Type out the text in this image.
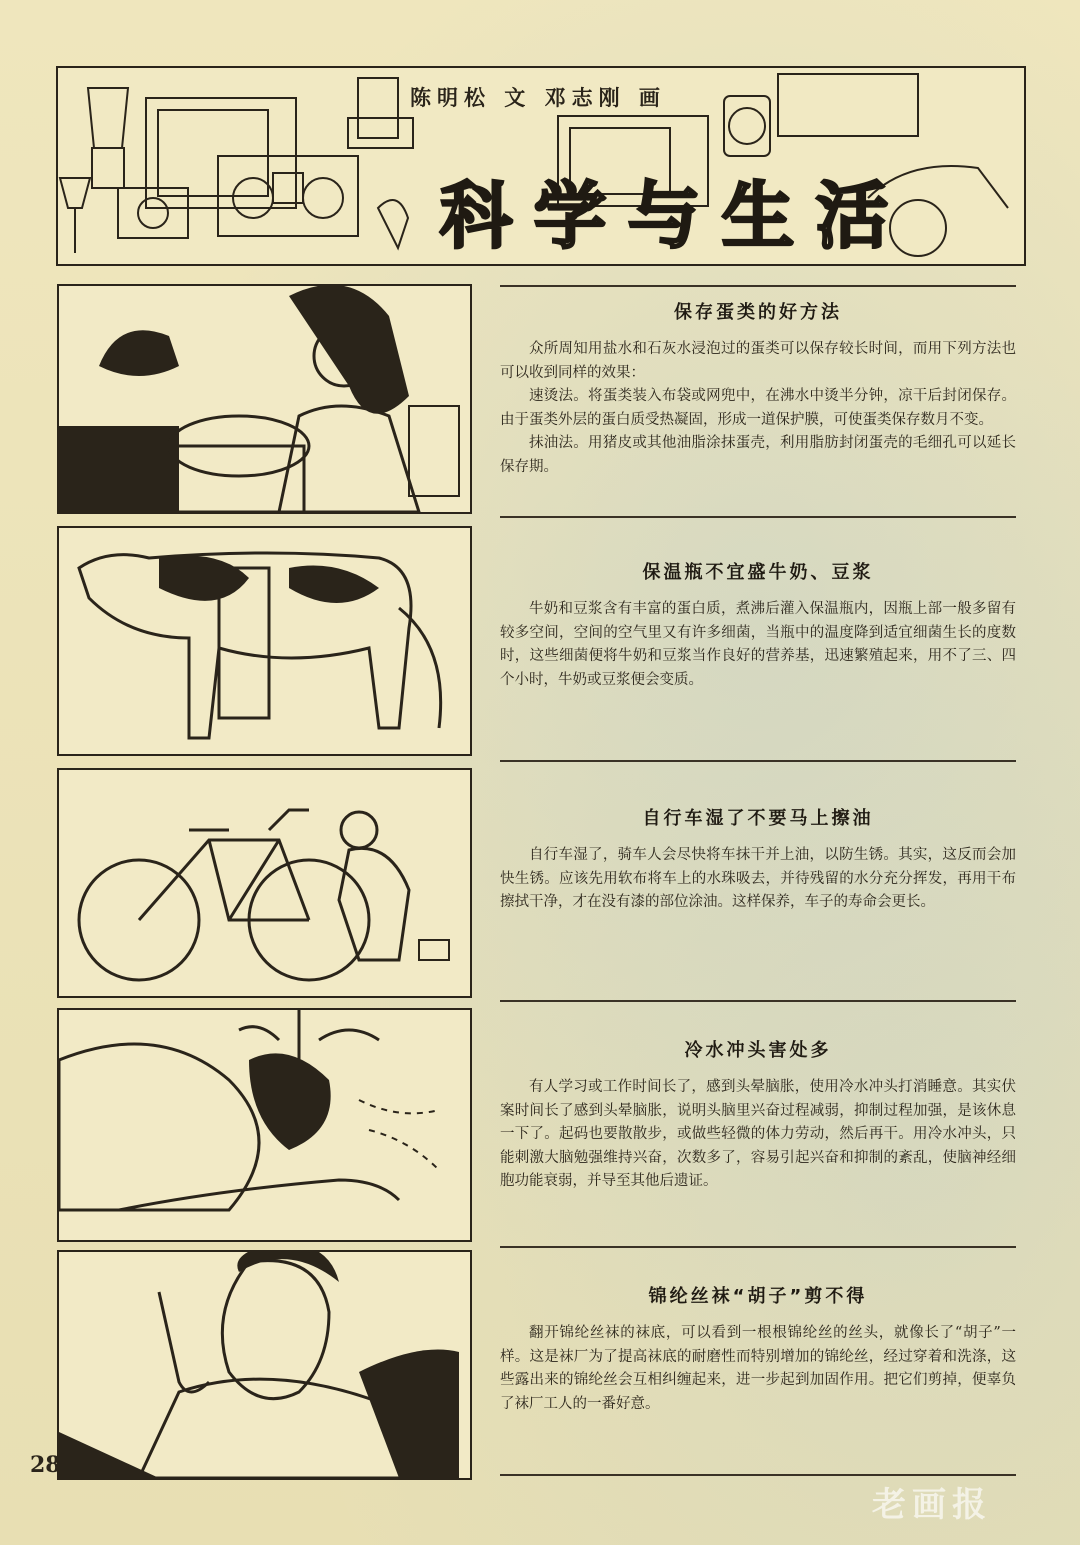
陈明松 文 邓志刚 画
科学与生活
保存蛋类的好方法

众所周知用盐水和石灰水浸泡过的蛋类可以保存较长时间，而用下列方法也可以收到同样的效果：

速烫法。将蛋类装入布袋或网兜中，在沸水中烫半分钟，凉干后封闭保存。由于蛋类外层的蛋白质受热凝固，形成一道保护膜，可使蛋类保存数月不变。

抹油法。用猪皮或其他油脂涂抹蛋壳，利用脂肪封闭蛋壳的毛细孔可以延长保存期。

保温瓶不宜盛牛奶、豆浆

牛奶和豆浆含有丰富的蛋白质，煮沸后灌入保温瓶内，因瓶上部一般多留有较多空间，空间的空气里又有许多细菌，当瓶中的温度降到适宜细菌生长的度数时，这些细菌便将牛奶和豆浆当作良好的营养基，迅速繁殖起来，用不了三、四个小时，牛奶或豆浆便会变质。

自行车湿了不要马上擦油

自行车湿了，骑车人会尽快将车抹干并上油，以防生锈。其实，这反而会加快生锈。应该先用软布将车上的水珠吸去，并待残留的水分充分挥发，再用干布擦拭干净，才在没有漆的部位涂油。这样保养，车子的寿命会更长。

冷水冲头害处多

有人学习或工作时间长了，感到头晕脑胀，使用冷水冲头打消睡意。其实伏案时间长了感到头晕脑胀，说明头脑里兴奋过程减弱，抑制过程加强，是该休息一下了。起码也要散散步，或做些轻微的体力劳动，然后再干。用冷水冲头，只能刺激大脑勉强维持兴奋，次数多了，容易引起兴奋和抑制的紊乱，使脑神经细胞功能衰弱，并导至其他后遗证。

锦纶丝袜“胡子”剪不得

翻开锦纶丝袜的袜底，可以看到一根根锦纶丝的丝头，就像长了“胡子”一样。这是袜厂为了提高袜底的耐磨性而特别增加的锦纶丝，经过穿着和洗涤，这些露出来的锦纶丝会互相纠缠起来，进一步起到加固作用。把它们剪掉，便辜负了袜厂工人的一番好意。

28
老画报
